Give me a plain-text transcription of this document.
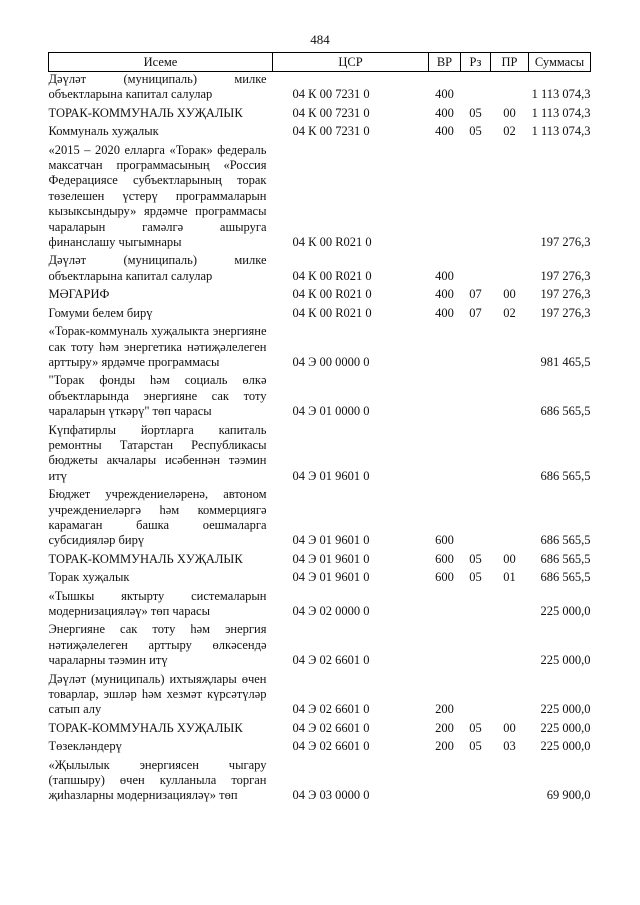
484
Исеме	ЦСР	ВР	Рз	ПР	Суммасы
Дәүләт (муниципаль) милке объектларына капитал салулар	04 К 00 7231 0	400			1 113 074,3
ТОРАК-КОММУНАЛЬ ХУҖАЛЫК	04 К 00 7231 0	400	05	00	1 113 074,3
Коммуналь хуҗалык	04 К 00 7231 0	400	05	02	1 113 074,3
«2015 – 2020 елларга «Торак» федераль максатчан программасының «Россия Федерациясе субъектларының торак төзелешен үстерү программаларын кызыксындыру» ярдәмче программасы чараларын гамәлгә ашыруга финанслашу чыгымнары	04 К 00 R021 0				197 276,3
Дәүләт (муниципаль) милке объектларына капитал салулар	04 К 00 R021 0	400			197 276,3
МӘГАРИФ	04 К 00 R021 0	400	07	00	197 276,3
Гомуми белем бирү	04 К 00 R021 0	400	07	02	197 276,3
«Торак-коммуналь хуҗалыкта энергияне сак тоту һәм энергетика нәтиҗәлелеген арттыру» ярдәмче программасы	04 Э 00 0000 0				981 465,5
"Торак фонды һәм социаль өлкә объектларында энергияне сак тоту чараларын үткәрү" төп чарасы	04 Э 01 0000 0				686 565,5
Күпфатирлы йортларга капиталь ремонтны Татарстан Республикасы бюджеты акчалары исәбеннән тәэмин итү	04 Э 01 9601 0				686 565,5
Бюджет учреждениеләренә, автоном учреждениеләргә һәм коммерциягә карамаган башка оешмаларга субсидияләр бирү	04 Э 01 9601 0	600			686 565,5
ТОРАК-КОММУНАЛЬ ХУҖАЛЫК	04 Э 01 9601 0	600	05	00	686 565,5
Торак хуҗалык	04 Э 01 9601 0	600	05	01	686 565,5
«Тышкы яктырту системаларын модернизацияләү» төп чарасы	04 Э 02 0000 0				225 000,0
Энергияне сак тоту һәм энергия нәтиҗәлелеген арттыру өлкәсендә чараларны тәэмин итү	04 Э 02 6601 0				225 000,0
Дәүләт (муниципаль) ихтыяҗлары өчен товарлар, эшләр һәм хезмәт күрсәтүләр сатып алу	04 Э 02 6601 0	200			225 000,0
ТОРАК-КОММУНАЛЬ ХУҖАЛЫК	04 Э 02 6601 0	200	05	00	225 000,0
Төзекләндерү	04 Э 02 6601 0	200	05	03	225 000,0
«Җылылык энергиясен чыгару (тапшыру) өчен кулланыла торган җиһазларны модернизацияләү» төп	04 Э 03 0000 0				69 900,0
